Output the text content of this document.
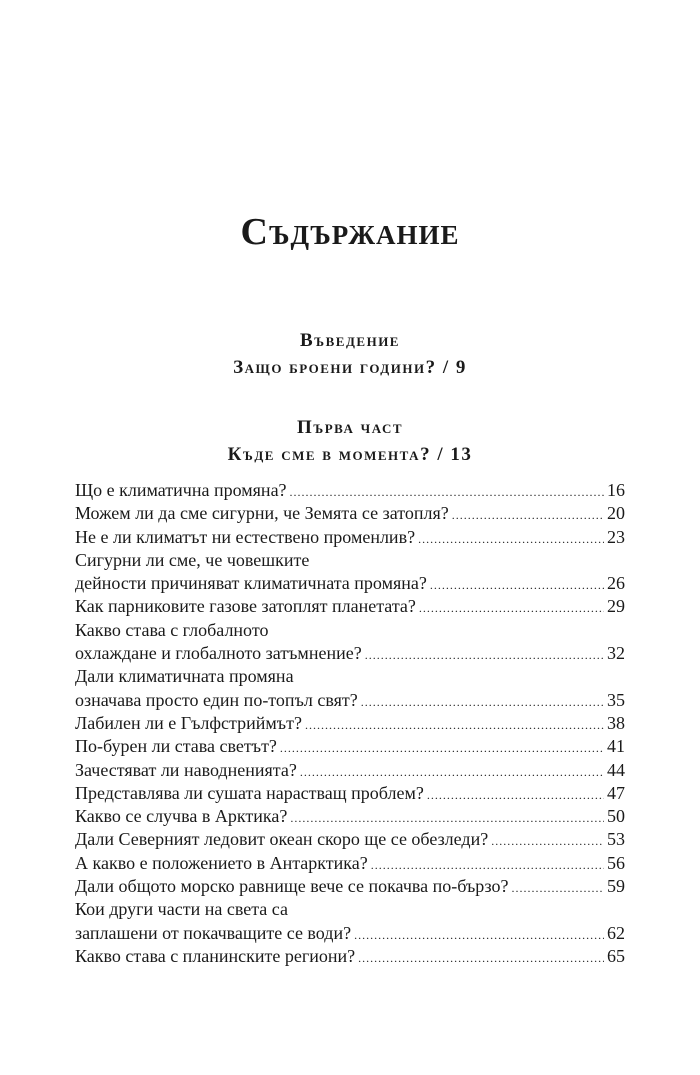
Съдържание
Въведение
Защо броени години? / 9
Първа част
Къде сме в момента? / 13
Що е климатична промяна? .....	16
Можем ли да сме сигурни, че Земята се затопля? .....	20
Не е ли климатът ни естествено променлив? .....	23
Сигурни ли сме, че човешките
дейности причиняват климатичната промяна? .....	26
Как парниковите газове затоплят планетата? .....	29
Какво става с глобалното
охлаждане и глобалното затъмнение? .....	32
Дали климатичната промяна
означава просто един по-топъл свят? .....	35
Лабилен ли е Гълфстриймът? .....	38
По-бурен ли става светът? .....	41
Зачестяват ли наводненията? .....	44
Представлява ли сушата нарастващ проблем? .....	47
Какво се случва в Арктика? .....	50
Дали Северният ледовит океан скоро ще се обезледи? .....	53
А какво е положението в Антарктика? .....	56
Дали общото морско равнище вече се покачва по-бързо? .....	59
Кои други части на света са
заплашени от покачващите се води? .....	62
Какво става с планинските региони? .....	65
